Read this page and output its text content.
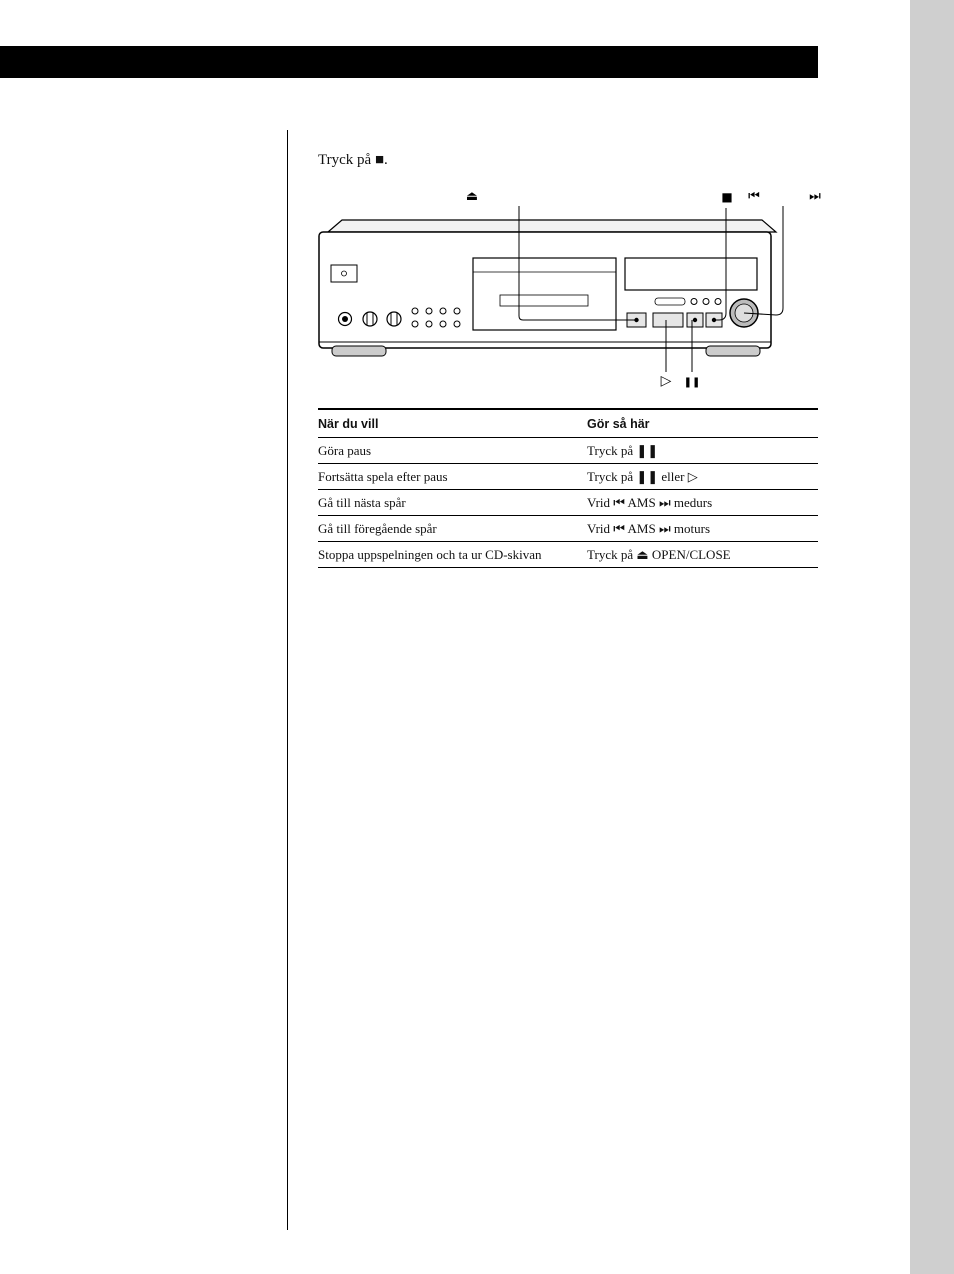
Tryck på ■.
⏏	■ ⏮	⏭
▷ ❚❚
När du vill	Gör så här
Göra paus	Tryck på ❚❚
Fortsätta spela efter paus	Tryck på ❚❚ eller ▷
Gå till nästa spår	Vrid ⏮ AMS ⏭ medurs
Gå till föregående spår	Vrid ⏮ AMS ⏭ moturs
Stoppa uppspelningen och ta ur CD-skivan	Tryck på ⏏ OPEN/CLOSE
